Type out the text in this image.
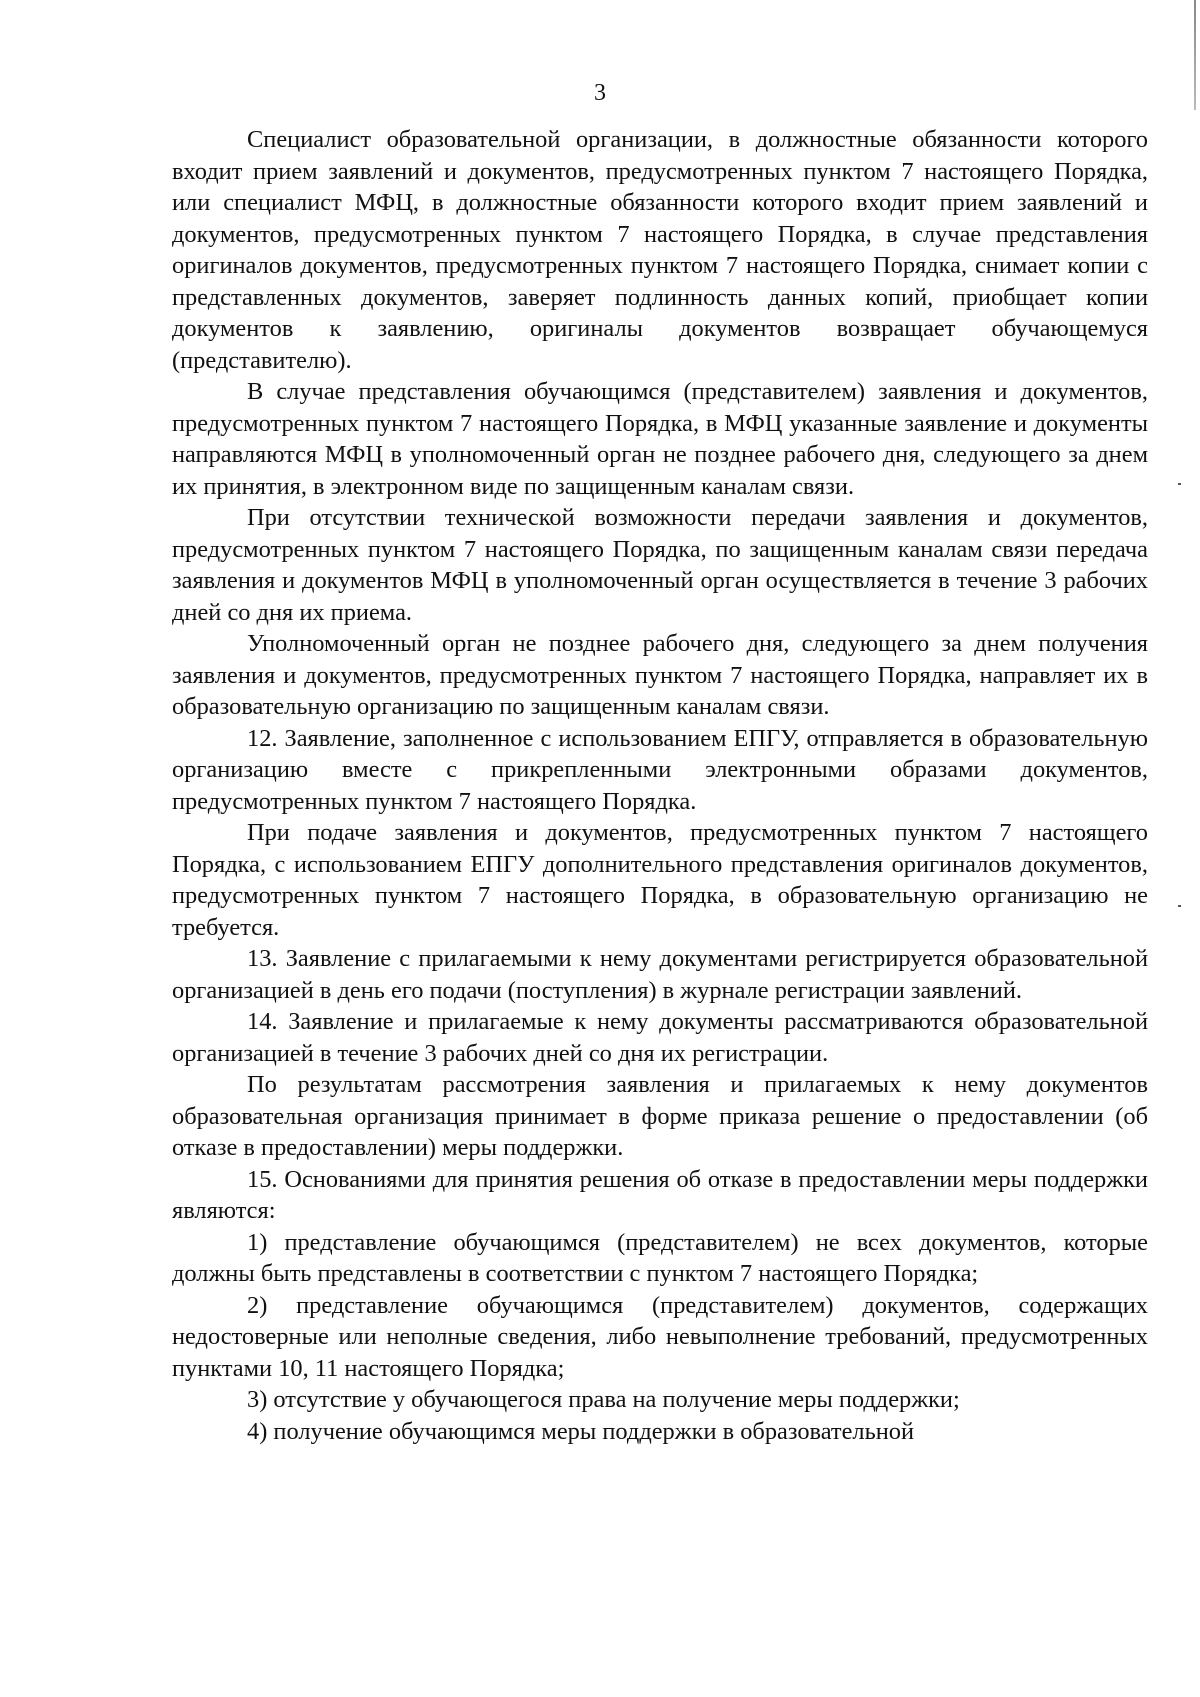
3

Специалист образовательной организации, в должностные обязанности которого входит прием заявлений и документов, предусмотренных пунктом 7 настоящего Порядка, или специалист МФЦ, в должностные обязанности которого входит прием заявлений и документов, предусмотренных пунктом 7 настоящего Порядка, в случае представления оригиналов документов, предусмотренных пунктом 7 настоящего Порядка, снимает копии с представленных документов, заверяет подлинность данных копий, приобщает копии документов к заявлению, оригиналы документов возвращает обучающемуся (представителю).

В случае представления обучающимся (представителем) заявления и документов, предусмотренных пунктом 7 настоящего Порядка, в МФЦ указанные заявление и документы направляются МФЦ в уполномоченный орган не позднее рабочего дня, следующего за днем их принятия, в электронном виде по защищенным каналам связи.

При отсутствии технической возможности передачи заявления и документов, предусмотренных пунктом 7 настоящего Порядка, по защищенным каналам связи передача заявления и документов МФЦ в уполномоченный орган осуществляется в течение 3 рабочих дней со дня их приема.

Уполномоченный орган не позднее рабочего дня, следующего за днем получения заявления и документов, предусмотренных пунктом 7 настоящего Порядка, направляет их в образовательную организацию по защищенным каналам связи.

12. Заявление, заполненное с использованием ЕПГУ, отправляется в образовательную организацию вместе с прикрепленными электронными образами документов, предусмотренных пунктом 7 настоящего Порядка.

При подаче заявления и документов, предусмотренных пунктом 7 настоящего Порядка, с использованием ЕПГУ дополнительного представления оригиналов документов, предусмотренных пунктом 7 настоящего Порядка, в образовательную организацию не требуется.

13. Заявление с прилагаемыми к нему документами регистрируется образовательной организацией в день его подачи (поступления) в журнале регистрации заявлений.

14. Заявление и прилагаемые к нему документы рассматриваются образовательной организацией в течение 3 рабочих дней со дня их регистрации.

По результатам рассмотрения заявления и прилагаемых к нему документов образовательная организация принимает в форме приказа решение о предоставлении (об отказе в предоставлении) меры поддержки.

15. Основаниями для принятия решения об отказе в предоставлении меры поддержки являются:

1) представление обучающимся (представителем) не всех документов, которые должны быть представлены в соответствии с пунктом 7 настоящего Порядка;

2) представление обучающимся (представителем) документов, содержащих недостоверные или неполные сведения, либо невыполнение требований, предусмотренных пунктами 10, 11 настоящего Порядка;

3) отсутствие у обучающегося права на получение меры поддержки;

4) получение обучающимся меры поддержки в образовательной
